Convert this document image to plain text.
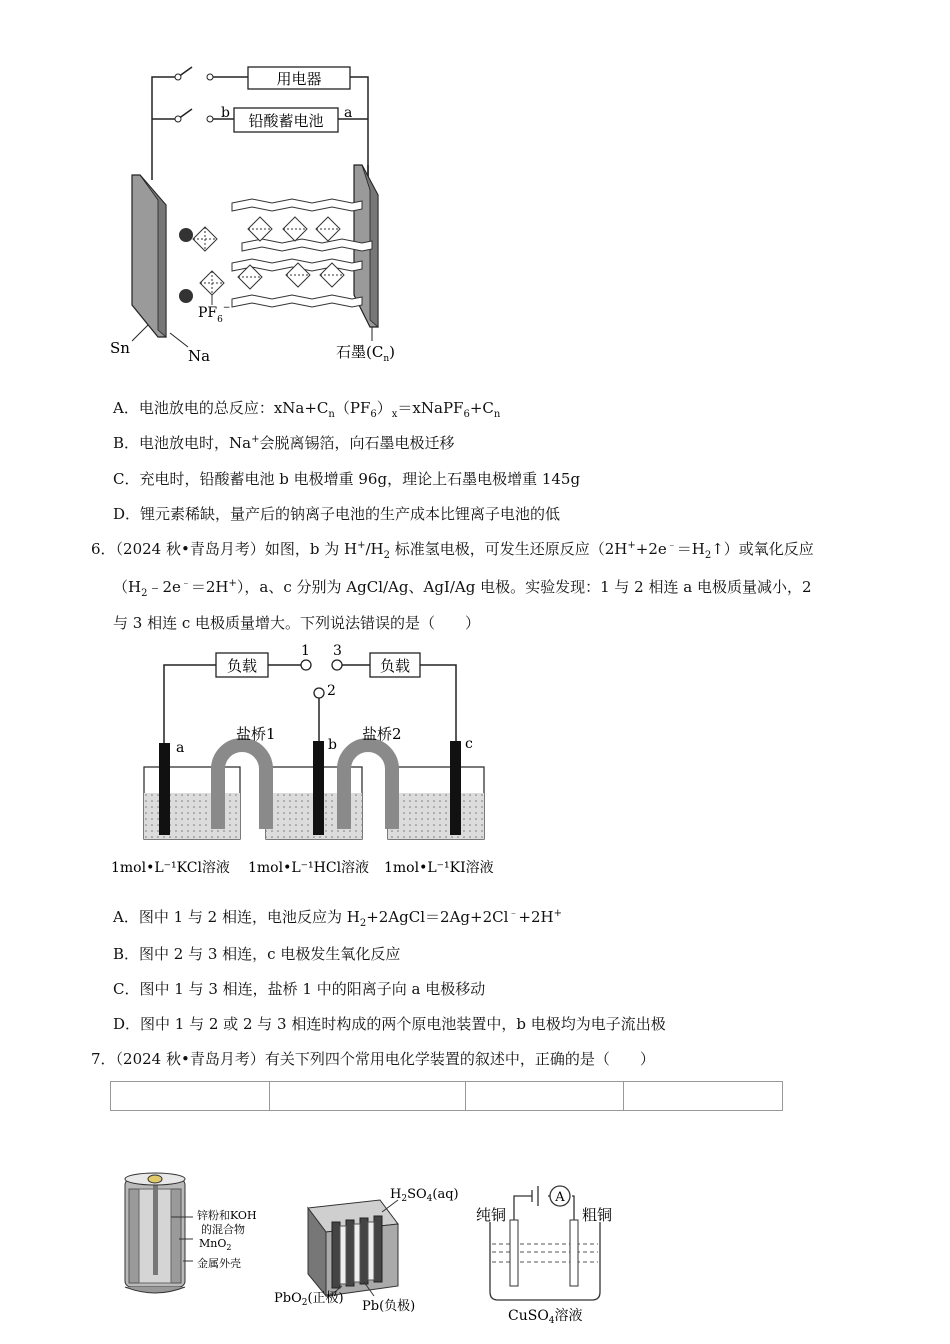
用电器
铅酸蓄电池
b	a
Sn	Na
$PF_6^-$
石墨$(C_n)$
A．电池放电的总反应：$xNa+C_n(PF_6)_x=xNaPF_6+C_n$
B．电池放电时，Na+会脱离锡箔，向石墨电极迁移
C．充电时，铅酸蓄电池 b 电极增重 96g，理论上石墨电极增重 145g
D．锂元素稀缺，量产后的钠离子电池的生产成本比锂离子电池的低
6．（2024 秋•青岛月考）如图，b 为 $H^+/H_2$ 标准氢电极，可发生还原反应$(2H^++2e^﹣=H_2↑)$或氧化反应
$(H_2﹣2e^﹣=2H^+)$，a、c 分别为 AgCl/Ag、AgI/Ag 电极。实验发现：1 与 2 相连 a 电极质量减小，2
与 3 相连 c 电极质量增大。下列说法错误的是（　　）
负载	负载
1 3
2
a	b	c
盐桥1	盐桥2
1mol•L⁻¹KCl溶液 1mol•L⁻¹HCl溶液 1mol•L⁻¹KI溶液
A．图中 1 与 2 相连，电池反应为 $H_2+2AgCl=2Ag+2Cl^﹣+2H^+$
B．图中 2 与 3 相连，c 电极发生氧化反应
C．图中 1 与 3 相连，盐桥 1 中的阳离子向 a 电极移动
D．图中 1 与 2 或 2 与 3 相连时构成的两个原电池装置中，b 电极均为电子流出极
7．（2024 秋•青岛月考）有关下列四个常用电化学装置的叙述中，正确的是（　　）

锌粉和KOH
的混合物
MnO$_2$
金属外壳
$H_2SO_4(aq)$
PbO$_2$(正极)
Pb(负极)
A
纯铜	粗铜
CuSO$_4$溶液
